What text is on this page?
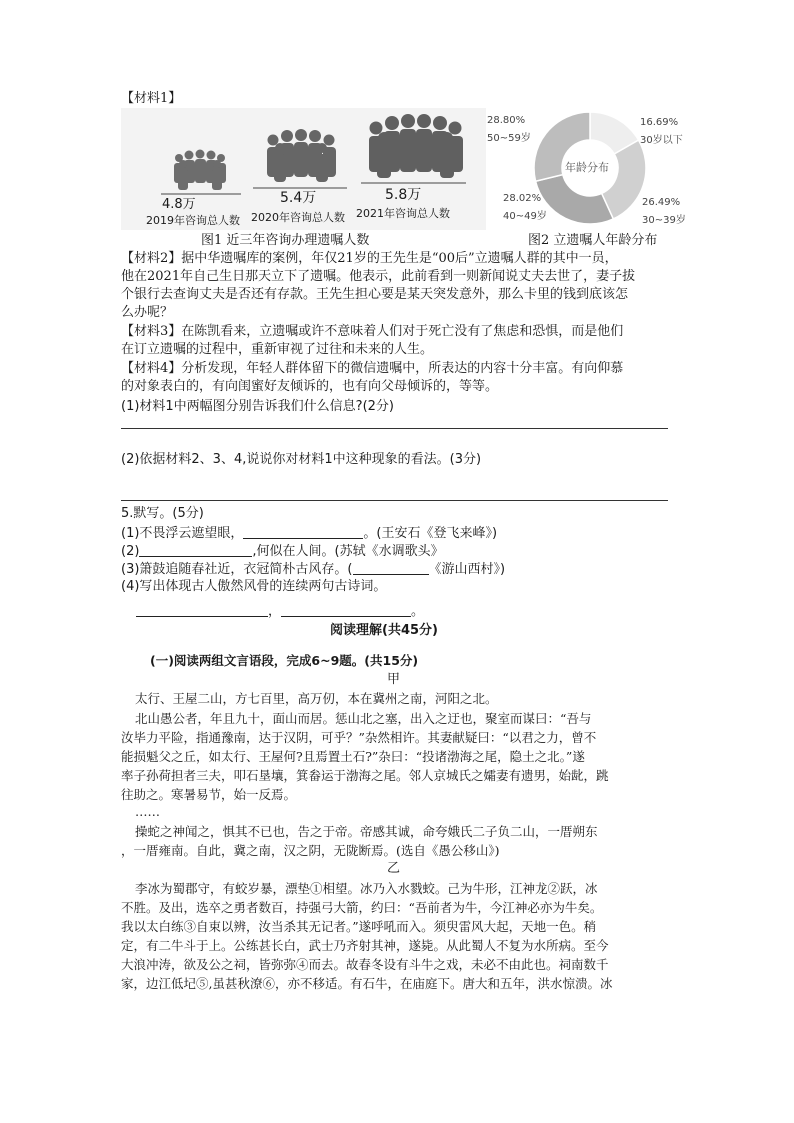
【材料1】
4.8万
2019年咨询总人数
5.4万
2020年咨询总人数
5.8万
2021年咨询总人数
图1 近三年咨询办理遗嘱人数
年龄分布
28.80%
50~59岁
16.69%
30岁以下
26.49%
30~39岁
28.02%
40~49岁
图2 立遗嘱人年龄分布
【材料2】据中华遗嘱库的案例，年仅21岁的王先生是“00后”立遗嘱人群的其中一员，
他在2021年自己生日那天立下了遗嘱。他表示，此前看到一则新闻说丈夫去世了，妻子拔
个银行去查询丈夫是否还有存款。王先生担心要是某天突发意外，那么卡里的钱到底该怎
么办呢？
【材料3】在陈凯看来，立遗嘱或许不意味着人们对于死亡没有了焦虑和恐惧，而是他们
在订立遗嘱的过程中，重新审视了过往和未来的人生。
【材料4】分析发现，年轻人群体留下的微信遗嘱中，所表达的内容十分丰富。有向仰慕
的对象表白的，有向闺蜜好友倾诉的，也有向父母倾诉的，等等。
(1)材料1中两幅图分别告诉我们什么信息?(2分)
(2)依据材料2、3、4,说说你对材料1中这种现象的看法。(3分)
5.默写。(5分)
(1)不畏浮云遮望眼，	。(王安石《登飞来峰》)
(2)	,何似在人间。(苏轼《水调歌头》
(3)箫鼓追随春社近，衣冠简朴古风存。(	《游山西村》)
(4)写出体现古人傲然风骨的连续两句古诗词。
，	。
阅读理解(共45分)
(一)阅读两组文言语段，完成6~9题。(共15分)
甲
太行、王屋二山，方七百里，高万仞，本在冀州之南，河阳之北。
北山愚公者，年且九十，面山而居。惩山北之塞，出入之迂也，聚室而谋曰：“吾与
汝毕力平险，指通豫南，达于汉阴，可乎？”杂然相许。其妻献疑曰：“以君之力，曾不
能损魁父之丘，如太行、王屋何?且焉置土石?”杂曰：“投诸渤海之尾，隐土之北。”遂
率子孙荷担者三夫，叩石垦壤，箕畚运于渤海之尾。邻人京城氏之孀妻有遗男，始龀，跳
往助之。寒暑易节，始一反焉。
……
操蛇之神闻之，惧其不已也，告之于帝。帝感其诚，命夸娥氏二子负二山，一厝朔东
，一厝雍南。自此，冀之南，汉之阴，无陇断焉。(选自《愚公移山》)
乙
李冰为蜀郡守，有蛟岁暴，漂垫①相望。冰乃入水戮蛟。己为牛形，江神龙②跃，冰
不胜。及出，选卒之勇者数百，持强弓大箭，约曰：“吾前者为牛，今江神必亦为牛矣。
我以太白练③自束以辨，汝当杀其无记者。”遂呼吼而入。须臾雷风大起，天地一色。稍
定，有二牛斗于上。公练甚长白，武士乃齐射其神，遂毙。从此蜀人不复为水所病。至今
大浪冲涛，欲及公之祠，皆弥弥④而去。故春冬设有斗牛之戏，未必不由此也。祠南数千
家，边江低圮⑤,虽甚秋潦⑥，亦不移适。有石牛，在庙庭下。唐大和五年，洪水惊溃。冰
